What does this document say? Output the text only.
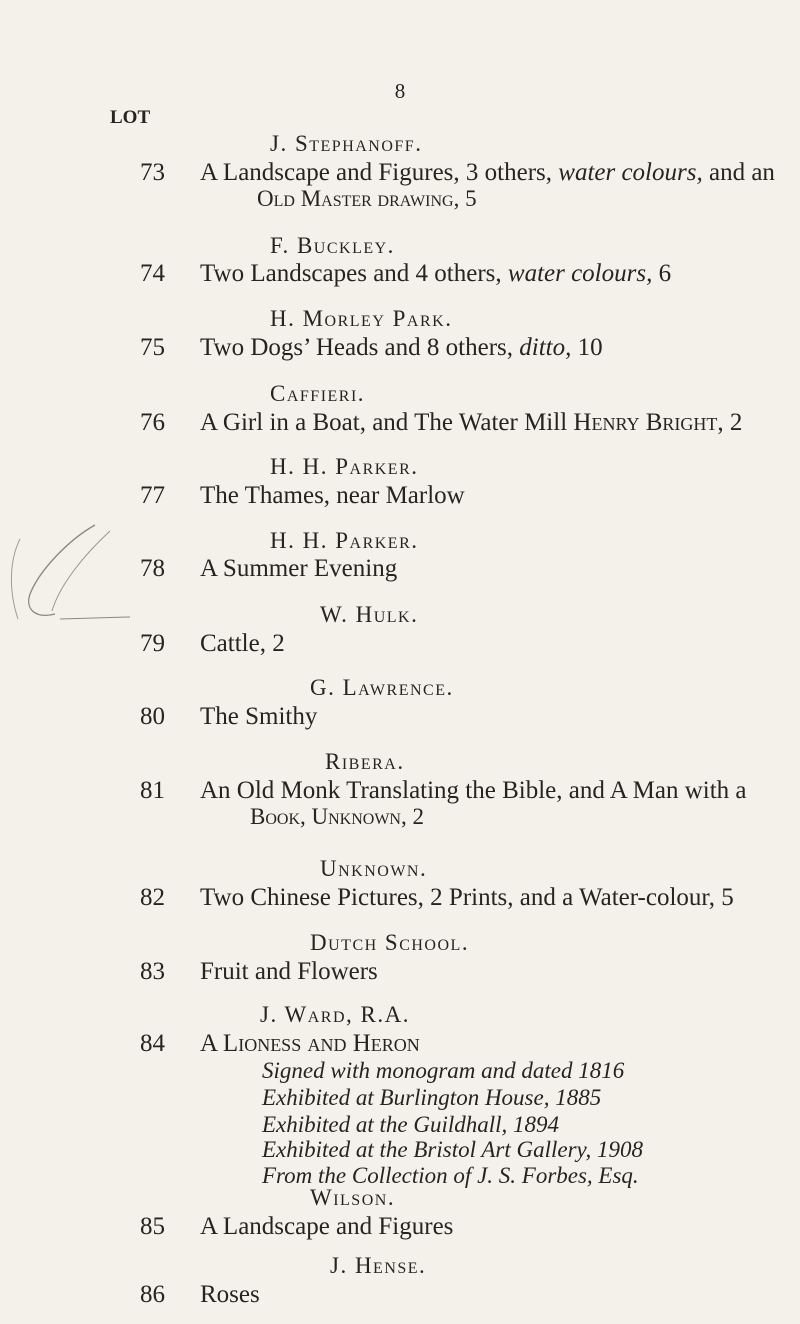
8
LOT
J. Stephanoff.
73 A Landscape and Figures, 3 others, water colours, and an
Old Master drawing, 5
F. Buckley.
74 Two Landscapes and 4 others, water colours, 6
H. Morley Park.
75 Two Dogs’ Heads and 8 others, ditto, 10
Caffieri.
76 A Girl in a Boat, and The Water Mill Henry Bright, 2
H. H. Parker.
77 The Thames, near Marlow
H. H. Parker.
78 A Summer Evening
W. Hulk.
79 Cattle, 2
G. Lawrence.
80 The Smithy
Ribera.
81 An Old Monk Translating the Bible, and A Man with a
Book, Unknown, 2
Unknown.
82 Two Chinese Pictures, 2 Prints, and a Water-colour, 5
Dutch School.
83 Fruit and Flowers
J. Ward, R.A.
84 A Lioness and Heron
Signed with monogram and dated 1816
Exhibited at Burlington House, 1885
Exhibited at the Guildhall, 1894
Exhibited at the Bristol Art Gallery, 1908
From the Collection of J. S. Forbes, Esq.
Wilson.
85 A Landscape and Figures
J. Hense.
86 Roses
